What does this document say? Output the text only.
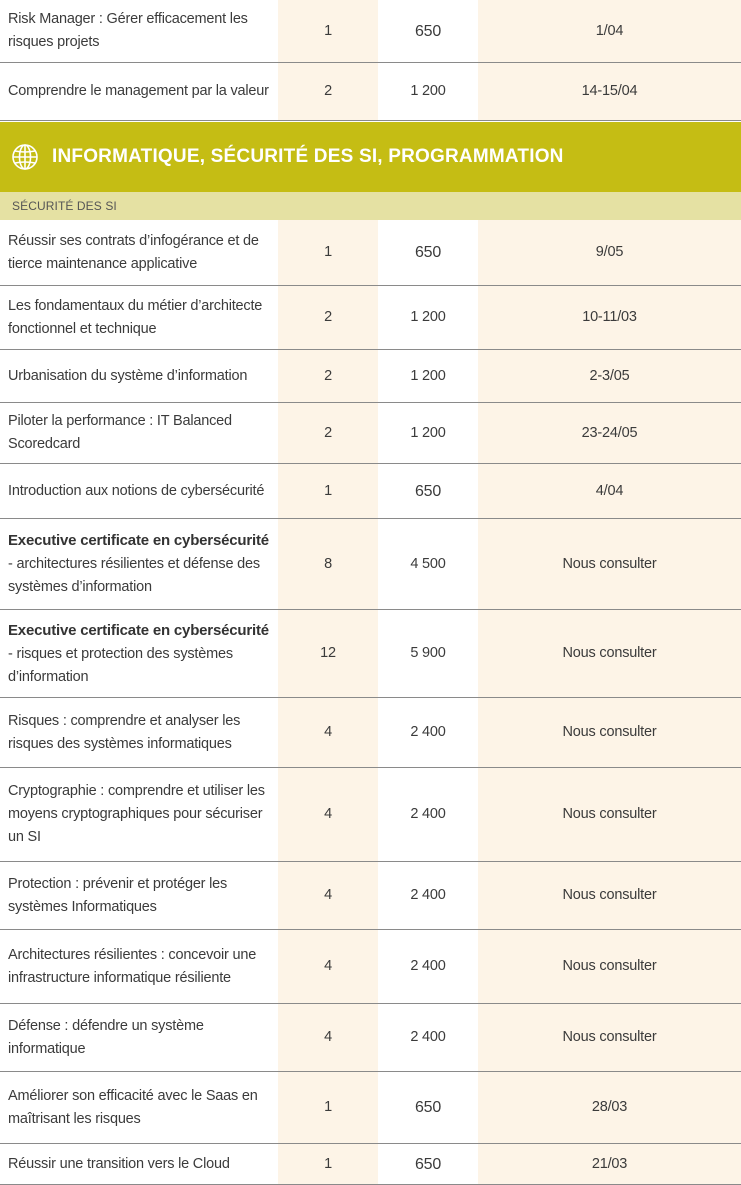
Risk Manager : Gérer efficacement les risques projets
1	650	1/04
Comprendre le management par la valeur	2	1 200	14-15/04
INFORMATIQUE, SÉCURITÉ DES SI, PROGRAMMATION
SÉCURITÉ DES SI
Réussir ses contrats d’infogérance et de tierce maintenance applicative
1	650	9/05
Les fondamentaux du métier d’architecte fonctionnel et technique
2	1 200	10-11/03
Urbanisation du système d’information	2	1 200	2-3/05
Piloter la performance : IT Balanced Scoredcard
2	1 200	23-24/05
Introduction aux notions de cybersécurité	1	650	4/04
Executive certificate en cybersécurité - architectures résilientes et défense des systèmes d’information
8	4 500	Nous consulter
Executive certificate en cybersécurité - risques et protection des systèmes d’information
12	5 900	Nous consulter
Risques : comprendre et analyser les risques des systèmes informatiques
4	2 400	Nous consulter
Cryptographie : comprendre et utiliser les moyens cryptographiques pour sécuriser un SI
4	2 400	Nous consulter
Protection : prévenir et protéger les systèmes Informatiques
4	2 400	Nous consulter
Architectures résilientes : concevoir une infrastructure informatique résiliente
4	2 400	Nous consulter
Défense : défendre un système informatique
4	2 400	Nous consulter
Améliorer son efficacité avec le Saas en maîtrisant les risques
1	650	28/03
Réussir une transition vers le Cloud	1	650	21/03
